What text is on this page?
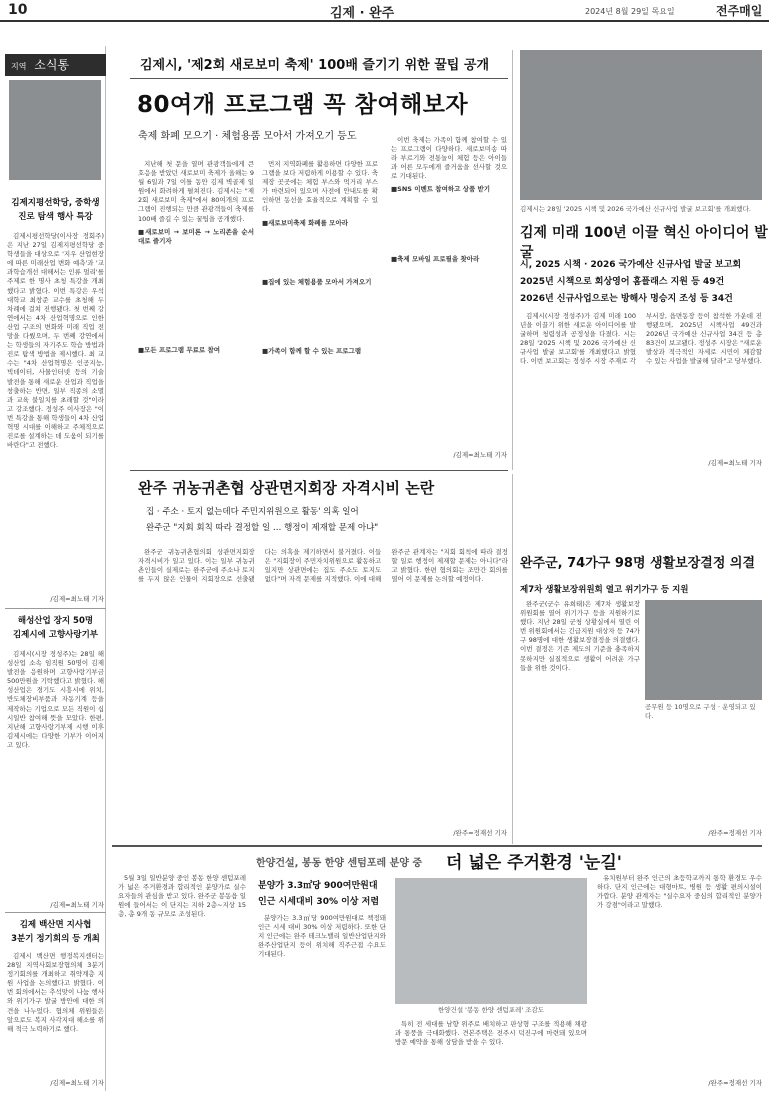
10	김제 · 완주	2024년 8월 29일 목요일	전주매일
지역 소식통
김제지평선학당, 중학생
진로 탐색 행사 특강

김제시평선학당(이사장 정회주)은 지난 27일 김제지평선학당 중학생들을 대상으로 '지우 산업현장에 따른 미래산업 변화 예측'과 '교과학습개선 대해서는 인류 멀리'를 주제로 한 명사 초청 특강을 개최했다고 밝혔다. 이번 특강은 우석대학교 최창준 교수를 초청해 두 차례에 걸쳐 진행됐다. 첫 번째 강연에서는 4차 산업혁명으로 인한 산업 구조의 변화와 미래 직업 전망을 다뤘으며, 두 번째 강연에서는 학생들의 자기주도 학습 방법과 진로 탐색 방법을 제시했다. 최 교수는 "4차 산업혁명은 인공지능, 빅데이터, 사물인터넷 등의 기술 발전을 통해 새로운 산업과 직업을 창출하는 반면, 일부 직종의 소멸과 교육 불일치를 초래할 것"이라고 강조했다. 정성주 이사장은 "이번 특강을 통해 학생들이 4차 산업혁명 시대를 이해하고 주체적으로 진로를 설계하는 데 도움이 되기를 바란다"고 전했다.

/김제=최노태 기자
해성산업 장지 50명
김제시에 고향사랑기부

김제시(시장 정성주)는 28일 해성산업 소속 임직원 50명이 김제 발전을 응원하며 고향사랑기부금 500만원을 기탁했다고 밝혔다. 해성산업은 경기도 시흥시에 위치, 반도체장비부품과 자동기계 등을 제작하는 기업으로 모든 직원이 십시일반 참여해 뜻을 모았다. 한편, 지난해 고향사랑기부제 시행 이후 김제시에는 다양한 기부가 이어지고 있다.

/김제=최노태 기자
김제 백산면 지사협
3분기 정기회의 등 개최

김제시 백산면 행정복지센터는 28일 지역사회보장협의체 3분기 정기회의를 개최하고 취약계층 지원 사업을 논의했다고 밝혔다. 이번 회의에서는 추석맞이 나눔 행사와 위기가구 발굴 방안에 대한 의견을 나누었다. 협의체 위원들은 앞으로도 복지 사각지대 해소를 위해 적극 노력하기로 했다.

/김제=최노태 기자
김제시, '제2회 새로보미 축제' 100배 즐기기 위한 꿀팁 공개
80여개 프로그램 꼭 참여해보자
축제 화폐 모으기 · 체험용품 모아서 가져오기 등도

지난해 첫 문을 열며 관광객들에게 큰 호응을 받았던 새로보미 축제가 올해는 9월 6일과 7일 이틀 동안 김제 벽골제 일원에서 화려하게 펼쳐진다. 김제시는 "제2회 새로보미 축제"에서 80여개의 프로그램이 진행되는 만큼 관광객들이 축제를 100배 즐길 수 있는 꿀팁을 공개했다.

■새로보미 → 보미론 → 노리존을 순서대로 즐기자

■모든 프로그램 무료로 참여

먼저 지역화폐를 활용하면 다양한 프로그램을 보다 저렴하게 이용할 수 있다. 축제장 곳곳에는 체험 부스와 먹거리 부스가 마련되어 있으며 사전에 안내도를 확인하면 동선을 효율적으로 계획할 수 있다.

■새로보미축제 화폐를 모아라

■집에 있는 체험용품 모아서 가져오기

■가족이 함께 할 수 있는 프로그램

이번 축제는 가족이 함께 참여할 수 있는 프로그램이 다양하다. 새로보미송 따라 부르기와 전통놀이 체험 등은 아이들과 어른 모두에게 즐거움을 선사할 것으로 기대된다.

■SNS 이벤트 참여하고 상품 받기

■축제 모바일 프로필을 찾아라

/김제=최노태 기자
김제시는 28일 '2025 시책 및 2026 국가예산 신규사업 발굴 보고회'를 개최했다.
김제 미래 100년 이끌 혁신 아이디어 발굴
시, 2025 시책 · 2026 국가예산 신규사업 발굴 보고회
2025년 시책으로 회상영어 홈플래스 지원 등 49건
2026년 신규사업으로는 방해사 명승지 조성 등 34건

김제시(시장 정성주)가 김제 미래 100년을 이끌기 위한 새로운 아이디어를 발굴하며 청렴성과 공정성을 다졌다. 시는 28일 '2025 시책 및 2026 국가예산 신규사업 발굴 보고회'를 개최했다고 밝혔다. 이번 보고회는 정성주 시장 주재로 각 부서장, 읍면동장 등이 참석한 가운데 진행됐으며, 2025년 시책사업 49건과 2026년 국가예산 신규사업 34건 등 총 83건이 보고됐다. 정성주 시장은 "새로운 발상과 적극적인 자세로 시민이 체감할 수 있는 사업을 발굴해 달라"고 당부했다.

/김제=최노태 기자
완주 귀농귀촌협 상관면지회장 자격시비 논란
집 · 주소 · 토지 없는데다 주민지위원으로 활동' 의혹 일어
완주군 "지회 회칙 따라 결정할 일 … 행정이 제재할 문제 아냐"

완주군 귀농귀촌협의회 상관면지회장 자격시비가 일고 있다. 이는 일부 귀농귀촌인들이 실제로는 완주군에 주소나 토지를 두지 않은 인물이 지회장으로 선출됐다는 의혹을 제기하면서 불거졌다. 이들은 "지회장이 주민자치위원으로 활동하고 있지만 상관면에는 집도 주소도 토지도 없다"며 자격 문제를 지적했다. 이에 대해 완주군 관계자는 "지회 회칙에 따라 결정할 일로 행정이 제재할 문제는 아니다"라고 밝혔다. 한편 협의회는 조만간 회의를 열어 이 문제를 논의할 예정이다.

/완주=정재선 기자
완주군, 74가구 98명 생활보장결정 의결
제7차 생활보장위원회 열고 위기가구 등 지원

완주군(군수 유희태)은 제7차 생활보장위원회를 열어 위기가구 등을 지원하기로 했다. 지난 28일 군청 상황실에서 열린 이번 위원회에서는 긴급지원 대상자 등 74가구 98명에 대한 생활보장결정을 의결했다. 이번 결정은 기존 제도의 기준을 충족하지 못하지만 실질적으로 생활이 어려운 가구들을 위한 것이다.

공무원 등 10명으로 구성 · 운영되고 있다.
/완주=정재선 기자
한양건설, 봉동 한양 센텀포레 분양 중 더 넓은 주거환경 '눈길'

5월 3일 일반분양 중인 봉동 한양 센텀포레가 넓은 주거환경과 합리적인 분양가로 실수요자들의 관심을 받고 있다. 완주군 봉동읍 일원에 들어서는 이 단지는 지하 2층~지상 15층, 총 9개 동 규모로 조성된다.

분양가 3.3㎡당 900여만원대
인근 시세대비 30% 이상 저렴

분양가는 3.3㎡당 900여만원대로 책정돼 인근 시세 대비 30% 이상 저렴하다. 또한 단지 인근에는 완주 테크노밸리 일반산업단지와 완주산업단지 등이 위치해 직주근접 수요도 기대된다.

한양건설 '봉동 한양 센텀포레' 조감도

특히 전 세대를 남향 위주로 배치하고 판상형 구조를 적용해 채광과 통풍을 극대화했다. 견본주택은 전주시 덕진구에 마련돼 있으며 방문 예약을 통해 상담을 받을 수 있다.

유치원부터 완주 인근의 초등학교까지 통학 환경도 우수하다. 단지 인근에는 대형마트, 병원 등 생활 편의시설이 가깝다. 분양 관계자는 "실수요자 중심의 합리적인 분양가가 강점"이라고 말했다.

/완주=정재선 기자
